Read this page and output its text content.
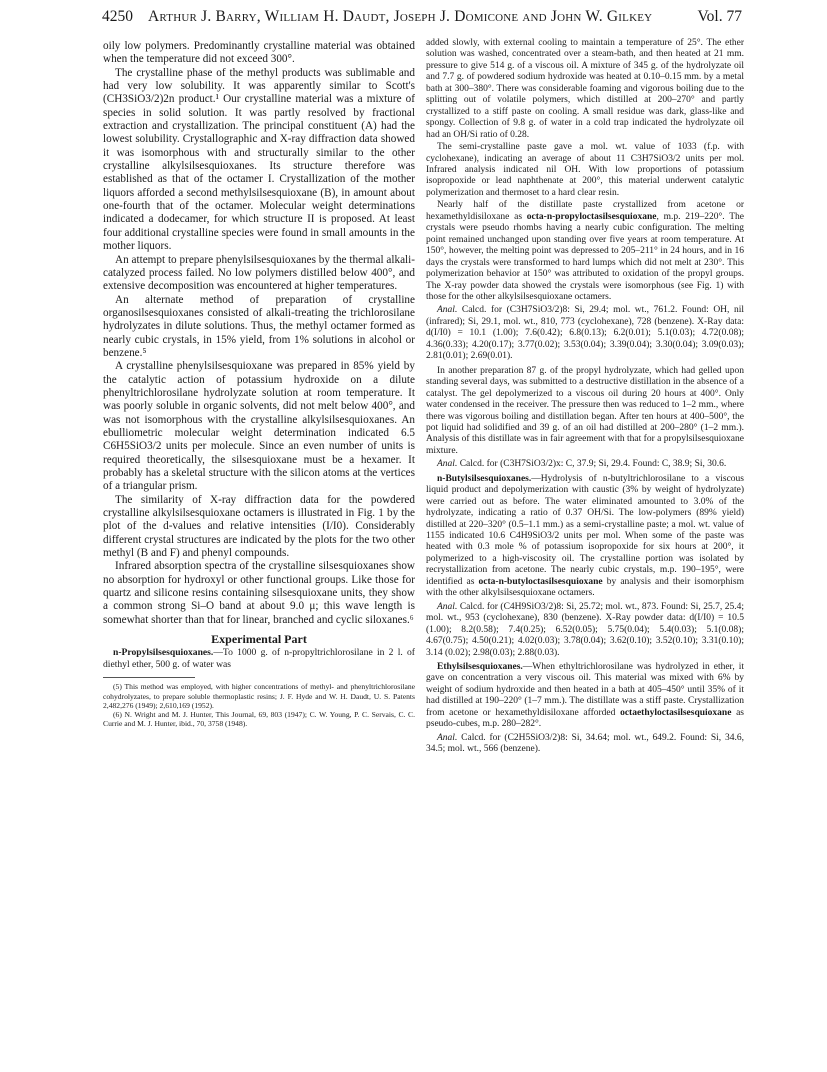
4250 Arthur J. Barry, William H. Daudt, Joseph J. Domicone and John W. Gilkey	Vol. 77

oily low polymers. Predominantly crystalline material was obtained when the temperature did not exceed 300°.

The crystalline phase of the methyl products was sublimable and had very low solubility. It was apparently similar to Scott's (CH3SiO3/2)2n product.¹ Our crystalline material was a mixture of species in solid solution. It was partly resolved by fractional extraction and crystallization. The principal constituent (A) had the lowest solubility. Crystallographic and X-ray diffraction data showed it was isomorphous with and structurally similar to the other crystalline alkylsilsesquioxanes. Its structure therefore was established as that of the octamer I. Crystallization of the mother liquors afforded a second methylsilsesquioxane (B), in amount about one-fourth that of the octamer. Molecular weight determinations indicated a dodecamer, for which structure II is proposed. At least four additional crystalline species were found in small amounts in the mother liquors.

An attempt to prepare phenylsilsesquioxanes by the thermal alkali-catalyzed process failed. No low polymers distilled below 400°, and extensive decomposition was encountered at higher temperatures.

An alternate method of preparation of crystalline organosilsesquioxanes consisted of alkali-treating the trichlorosilane hydrolyzates in dilute solutions. Thus, the methyl octamer formed as nearly cubic crystals, in 15% yield, from 1% solutions in alcohol or benzene.⁵

A crystalline phenylsilsesquioxane was prepared in 85% yield by the catalytic action of potassium hydroxide on a dilute phenyltrichlorosilane hydrolyzate solution at room temperature. It was poorly soluble in organic solvents, did not melt below 400°, and was not isomorphous with the crystalline alkylsilsesquioxanes. An ebulliometric molecular weight determination indicated 6.5 C6H5SiO3/2 units per molecule. Since an even number of units is required theoretically, the silsesquioxane must be a hexamer. It probably has a skeletal structure with the silicon atoms at the vertices of a triangular prism.

The similarity of X-ray diffraction data for the powdered crystalline alkylsilsesquioxane octamers is illustrated in Fig. 1 by the plot of the d-values and relative intensities (I/I0). Considerably different crystal structures are indicated by the plots for the two other methyl (B and F) and phenyl compounds.

Infrared absorption spectra of the crystalline silsesquioxanes show no absorption for hydroxyl or other functional groups. Like those for quartz and silicone resins containing silsesquioxane units, they show a common strong Si–O band at about 9.0 μ; this wave length is somewhat shorter than that for linear, branched and cyclic siloxanes.⁶

Experimental Part

n-Propylsilsesquioxanes.—To 1000 g. of n-propyltrichlorosilane in 2 l. of diethyl ether, 500 g. of water was

(5) This method was employed, with higher concentrations of methyl- and phenyltrichlorosilane cohydrolyzates, to prepare soluble thermoplastic resins; J. F. Hyde and W. H. Daudt, U. S. Patents 2,482,276 (1949); 2,610,169 (1952).

(6) N. Wright and M. J. Hunter, This Journal, 69, 803 (1947); C. W. Young, P. C. Servais, C. C. Currie and M. J. Hunter, ibid., 70, 3758 (1948).

added slowly, with external cooling to maintain a temperature of 25°. The ether solution was washed, concentrated over a steam-bath, and then heated at 21 mm. pressure to give 514 g. of a viscous oil. A mixture of 345 g. of the hydrolyzate oil and 7.7 g. of powdered sodium hydroxide was heated at 0.10–0.15 mm. by a metal bath at 300–380°. There was considerable foaming and vigorous boiling due to the splitting out of volatile polymers, which distilled at 200–270° and partly crystallized to a stiff paste on cooling. A small residue was dark, glass-like and spongy. Collection of 9.8 g. of water in a cold trap indicated the hydrolyzate oil had an OH/Si ratio of 0.28.

The semi-crystalline paste gave a mol. wt. value of 1033 (f.p. with cyclohexane), indicating an average of about 11 C3H7SiO3/2 units per mol. Infrared analysis indicated nil OH. With low proportions of potassium isopropoxide or lead naphthenate at 200°, this material underwent catalytic polymerization and thermoset to a hard clear resin.

Nearly half of the distillate paste crystallized from acetone or hexamethyldisiloxane as octa-n-propyloctasilsesquioxane, m.p. 219–220°. The crystals were pseudo rhombs having a nearly cubic configuration. The melting point remained unchanged upon standing over five years at room temperature. At 150°, however, the melting point was depressed to 205–211° in 24 hours, and in 16 days the crystals were transformed to hard lumps which did not melt at 230°. This polymerization behavior at 150° was attributed to oxidation of the propyl groups. The X-ray powder data showed the crystals were isomorphous (see Fig. 1) with those for the other alkylsilsesquioxane octamers.

Anal. Calcd. for (C3H7SiO3/2)8: Si, 29.4; mol. wt., 761.2. Found: OH, nil (infrared); Si, 29.1, mol. wt., 810, 773 (cyclohexane), 728 (benzene). X-Ray data: d(I/I0) = 10.1 (1.00); 7.6(0.42); 6.8(0.13); 6.2(0.01); 5.1(0.03); 4.72(0.08); 4.36(0.33); 4.20(0.17); 3.77(0.02); 3.53(0.04); 3.39(0.04); 3.30(0.04); 3.09(0.03); 2.81(0.01); 2.69(0.01).

In another preparation 87 g. of the propyl hydrolyzate, which had gelled upon standing several days, was submitted to a destructive distillation in the absence of a catalyst. The gel depolymerized to a viscous oil during 20 hours at 400°. Only water condensed in the receiver. The pressure then was reduced to 1–2 mm., where there was vigorous boiling and distillation began. After ten hours at 400–500°, the pot liquid had solidified and 39 g. of an oil had distilled at 200–280° (1–2 mm.). Analysis of this distillate was in fair agreement with that for a propylsilsesquioxane mixture.

Anal. Calcd. for (C3H7SiO3/2)x: C, 37.9; Si, 29.4. Found: C, 38.9; Si, 30.6.

n-Butylsilsesquioxanes.—Hydrolysis of n-butyltrichlorosilane to a viscous liquid product and depolymerization with caustic (3% by weight of hydrolyzate) were carried out as before. The water eliminated amounted to 3.0% of the hydrolyzate, indicating a ratio of 0.37 OH/Si. The low-polymers (89% yield) distilled at 220–320° (0.5–1.1 mm.) as a semi-crystalline paste; a mol. wt. value of 1155 indicated 10.6 C4H9SiO3/2 units per mol. When some of the paste was heated with 0.3 mole % of potassium isopropoxide for six hours at 200°, it polymerized to a high-viscosity oil. The crystalline portion was isolated by recrystallization from acetone. The nearly cubic crystals, m.p. 190–195°, were identified as octa-n-butyloctasilsesquioxane by analysis and their isomorphism with the other alkylsilsesquioxane octamers.

Anal. Calcd. for (C4H9SiO3/2)8: Si, 25.72; mol. wt., 873. Found: Si, 25.7, 25.4; mol. wt., 953 (cyclohexane), 830 (benzene). X-Ray powder data: d(I/I0) = 10.5 (1.00); 8.2(0.58); 7.4(0.25); 6.52(0.05); 5.75(0.04); 5.4(0.03); 5.1(0.08); 4.67(0.75); 4.50(0.21); 4.02(0.03); 3.78(0.04); 3.62(0.10); 3.52(0.10); 3.31(0.10); 3.14 (0.02); 2.98(0.03); 2.88(0.03).

Ethylsilsesquioxanes.—When ethyltrichlorosilane was hydrolyzed in ether, it gave on concentration a very viscous oil. This material was mixed with 6% by weight of sodium hydroxide and then heated in a bath at 405–450° until 35% of it had distilled at 190–220° (1–7 mm.). The distillate was a stiff paste. Crystallization from acetone or hexamethyldisiloxane afforded octaethyloctasilsesquioxane as pseudo-cubes, m.p. 280–282°.

Anal. Calcd. for (C2H5SiO3/2)8: Si, 34.64; mol. wt., 649.2. Found: Si, 34.6, 34.5; mol. wt., 566 (benzene).
